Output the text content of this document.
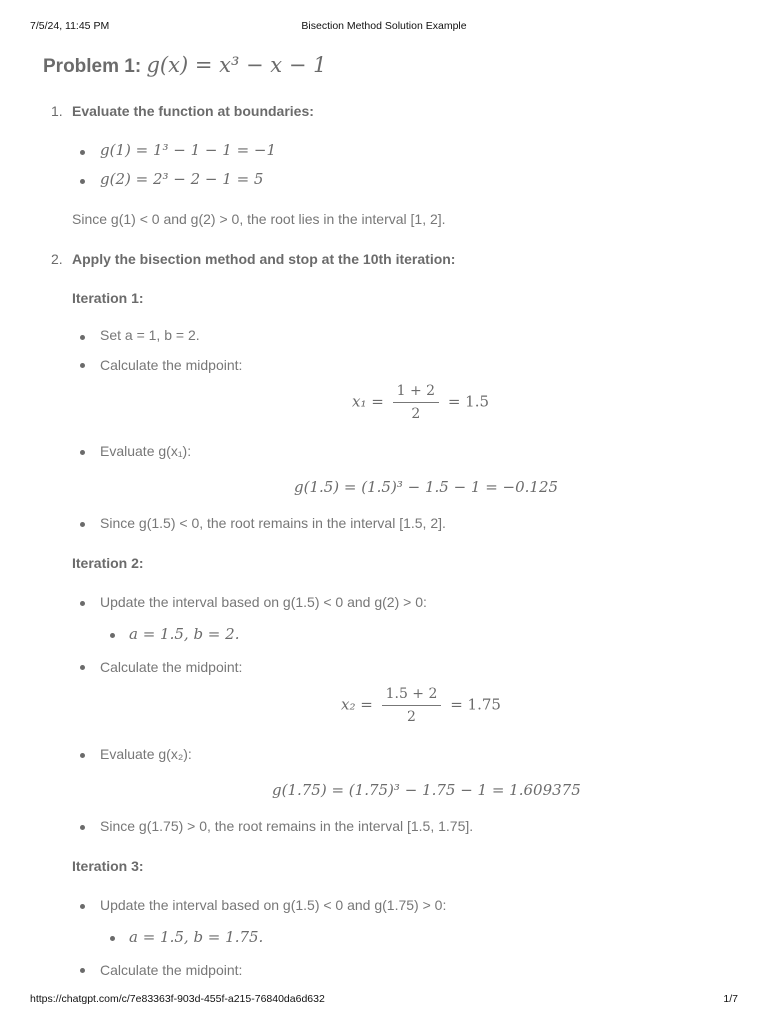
7/5/24, 11:45 PM	Bisection Method Solution Example
Problem 1: g(x) = x³ − x − 1
1. Evaluate the function at boundaries:
g(1) = 1³ − 1 − 1 = −1
g(2) = 2³ − 2 − 1 = 5
Since g(1) < 0 and g(2) > 0, the root lies in the interval [1, 2].
2. Apply the bisection method and stop at the 10th iteration:
Iteration 1:
Set a = 1, b = 2.
Calculate the midpoint:
$x_1 = \frac{1 + 2}{2} = 1.5$
Evaluate g(x₁):
g(1.5) = (1.5)³ − 1.5 − 1 = −0.125
Since g(1.5) < 0, the root remains in the interval [1.5, 2].
Iteration 2:
Update the interval based on g(1.5) < 0 and g(2) > 0:
a = 1.5, b = 2.
Calculate the midpoint:
$x_2 = \frac{1.5 + 2}{2} = 1.75$
Evaluate g(x₂):
g(1.75) = (1.75)³ − 1.75 − 1 = 1.609375
Since g(1.75) > 0, the root remains in the interval [1.5, 1.75].
Iteration 3:
Update the interval based on g(1.5) < 0 and g(1.75) > 0:
a = 1.5, b = 1.75.
Calculate the midpoint:
https://chatgpt.com/c/7e83363f-903d-455f-a215-76840da6d632	1/7
